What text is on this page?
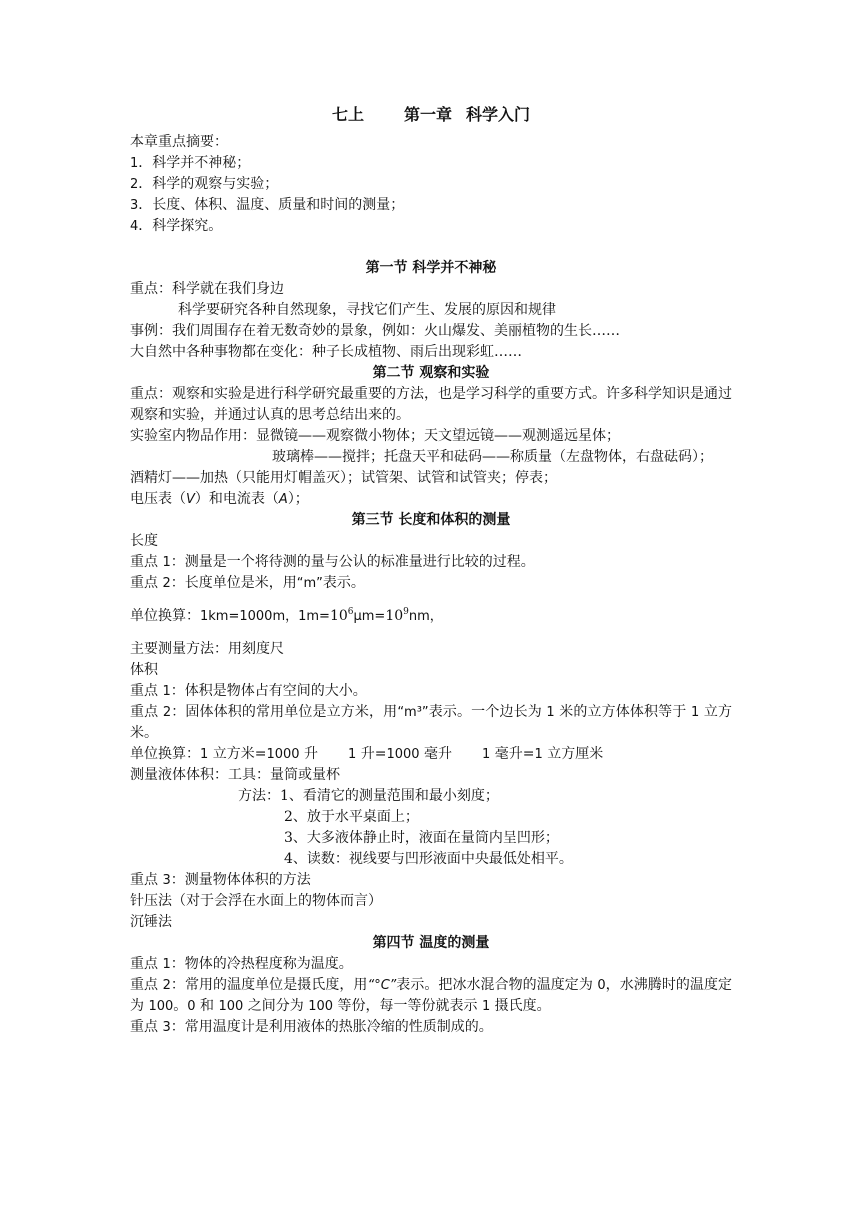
七上	第一章 科学入门
本章重点摘要：
1．科学并不神秘；
2．科学的观察与实验；
3．长度、体积、温度、质量和时间的测量；
4．科学探究。
第一节 科学并不神秘
重点：科学就在我们身边
科学要研究各种自然现象，寻找它们产生、发展的原因和规律
事例：我们周围存在着无数奇妙的景象，例如：火山爆发、美丽植物的生长……
大自然中各种事物都在变化：种子长成植物、雨后出现彩虹……
第二节 观察和实验
重点：观察和实验是进行科学研究最重要的方法，也是学习科学的重要方式。许多科学知识是通过观察和实验，并通过认真的思考总结出来的。
实验室内物品作用：显微镜——观察微小物体；天文望远镜——观测遥远星体；
玻璃棒——搅拌；托盘天平和砝码——称质量（左盘物体，右盘砝码）；
酒精灯——加热（只能用灯帽盖灭）；试管架、试管和试管夹；停表；
电压表（V）和电流表（A）；
第三节 长度和体积的测量
长度
重点 1：测量是一个将待测的量与公认的标准量进行比较的过程。
重点 2：长度单位是米，用“m”表示。
单位换算：1km=1000m，$1m=10^6\mu m=10^9nm$，
主要测量方法：用刻度尺
体积
重点 1：体积是物体占有空间的大小。
重点 2：固体体积的常用单位是立方米，用“m³”表示。一个边长为 1 米的立方体体积等于 1 立方米。
单位换算：1 立方米=1000 升 1 升=1000 毫升 1 毫升=1 立方厘米
测量液体体积：工具：量筒或量杯
方法：1、看清它的测量范围和最小刻度；
2、放于水平桌面上；
3、大多液体静止时，液面在量筒内呈凹形；
4、读数：视线要与凹形液面中央最低处相平。
重点 3：测量物体体积的方法
针压法（对于会浮在水面上的物体而言）
沉锤法
第四节 温度的测量
重点 1：物体的冷热程度称为温度。
重点 2：常用的温度单位是摄氏度，用“°C”表示。把冰水混合物的温度定为 0，水沸腾时的温度定为 100。0 和 100 之间分为 100 等份，每一等份就表示 1 摄氏度。
重点 3：常用温度计是利用液体的热胀冷缩的性质制成的。
